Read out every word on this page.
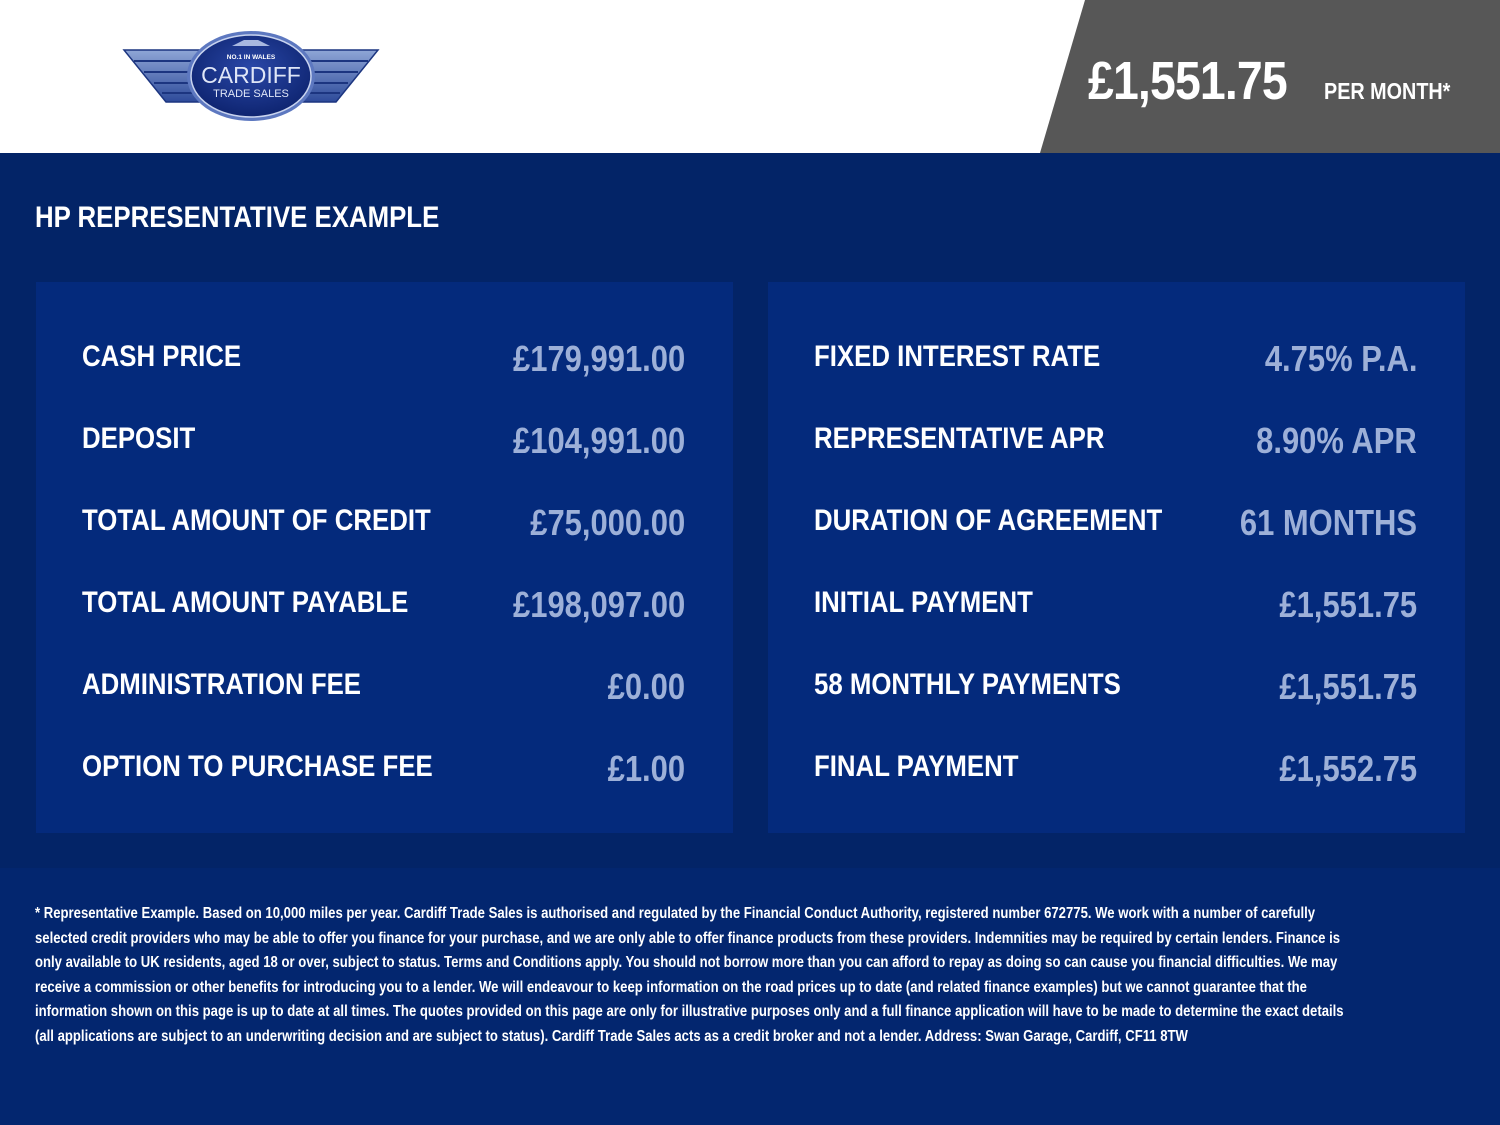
NO.1 IN WALES
CARDIFF
TRADE SALES	£1,551.75 PER MONTH*
HP REPRESENTATIVE EXAMPLE
CASH PRICE	£179,991.00
DEPOSIT	£104,991.00
TOTAL AMOUNT OF CREDIT	£75,000.00
TOTAL AMOUNT PAYABLE	£198,097.00
ADMINISTRATION FEE	£0.00
OPTION TO PURCHASE FEE	£1.00
FIXED INTEREST RATE	4.75% P.A.
REPRESENTATIVE APR	8.90% APR
DURATION OF AGREEMENT 61 MONTHS
INITIAL PAYMENT	£1,551.75
58 MONTHLY PAYMENTS	£1,551.75
FINAL PAYMENT	£1,552.75

* Representative Example. Based on 10,000 miles per year. Cardiff Trade Sales is authorised and regulated by the Financial Conduct Authority, registered number 672775. We work with a number of carefully selected credit providers who may be able to offer you finance for your purchase, and we are only able to offer finance products from these providers. Indemnities may be required by certain lenders. Finance is only available to UK residents, aged 18 or over, subject to status. Terms and Conditions apply. You should not borrow more than you can afford to repay as doing so can cause you financial difficulties. We may receive a commission or other benefits for introducing you to a lender. We will endeavour to keep information on the road prices up to date (and related finance examples) but we cannot guarantee that the information shown on this page is up to date at all times. The quotes provided on this page are only for illustrative purposes only and a full finance application will have to be made to determine the exact details (all applications are subject to an underwriting decision and are subject to status). Cardiff Trade Sales acts as a credit broker and not a lender. Address: Swan Garage, Cardiff, CF11 8TW
